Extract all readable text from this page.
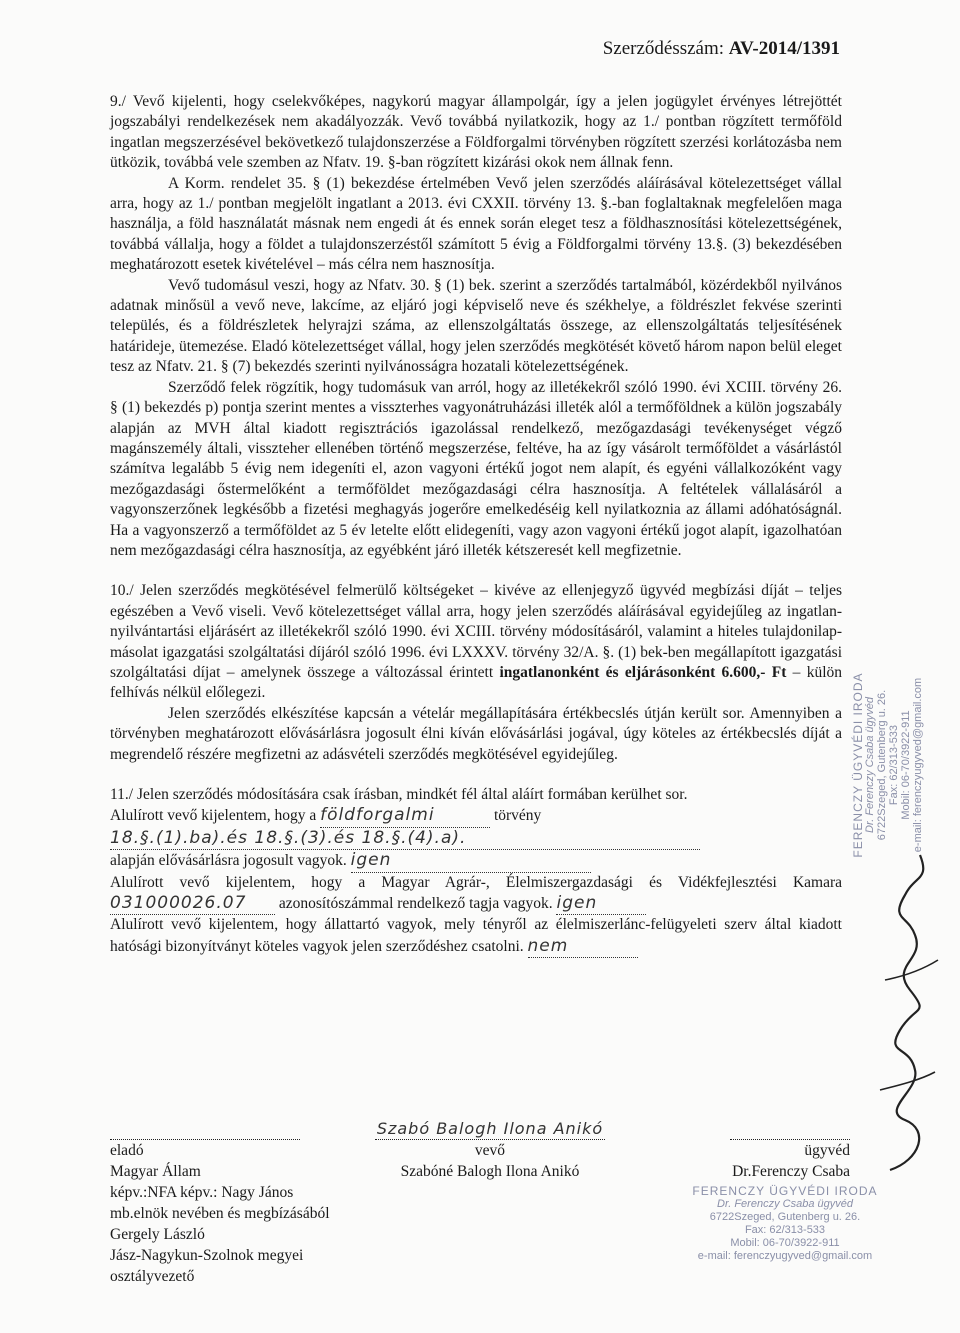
Szerződésszám: AV-2014/1391

9./ Vevő kijelenti, hogy cselekvőképes, nagykorú magyar állampolgár, így a jelen jogügylet érvényes létrejöttét jogszabályi rendelkezések nem akadályozzák. Vevő továbbá nyilatkozik, hogy az 1./ pontban rögzített termőföld ingatlan megszerzésével bekövetkező tulajdonszerzése a Földforgalmi törvényben rögzített szerzési korlátozásba nem ütközik, továbbá vele szemben az Nfatv. 19. §-ban rögzített kizárási okok nem állnak fenn.

A Korm. rendelet 35. § (1) bekezdése értelmében Vevő jelen szerződés aláírásával kötelezettséget vállal arra, hogy az 1./ pontban megjelölt ingatlant a 2013. évi CXXII. törvény 13. §.-ban foglaltaknak megfelelően maga használja, a föld használatát másnak nem engedi át és ennek során eleget tesz a földhasznosítási kötelezettségének, továbbá vállalja, hogy a földet a tulajdonszerzéstől számított 5 évig a Földforgalmi törvény 13.§. (3) bekezdésében meghatározott esetek kivételével – más célra nem hasznosítja.

Vevő tudomásul veszi, hogy az Nfatv. 30. § (1) bek. szerint a szerződés tartalmából, közérdekből nyilvános adatnak minősül a vevő neve, lakcíme, az eljáró jogi képviselő neve és székhelye, a földrészlet fekvése szerinti település, és a földrészletek helyrajzi száma, az ellenszolgáltatás összege, az ellenszolgáltatás teljesítésének határideje, ütemezése. Eladó kötelezettséget vállal, hogy jelen szerződés megkötését követő három napon belül eleget tesz az Nfatv. 21. § (7) bekezdés szerinti nyilvánosságra hozatali kötelezettségének.

Szerződő felek rögzítik, hogy tudomásuk van arról, hogy az illetékekről szóló 1990. évi XCIII. törvény 26. § (1) bekezdés p) pontja szerint mentes a visszterhes vagyonátruházási illeték alól a termőföldnek a külön jogszabály alapján az MVH által kiadott regisztrációs igazolással rendelkező, mezőgazdasági tevékenységet végző magánszemély általi, visszteher ellenében történő megszerzése, feltéve, ha az így vásárolt termőföldet a vásárlástól számítva legalább 5 évig nem idegeníti el, azon vagyoni értékű jogot nem alapít, és egyéni vállalkozóként vagy mezőgazdasági őstermelőként a termőföldet mezőgazdasági célra hasznosítja. A feltételek vállalásáról a vagyonszerzőnek legkésőbb a fizetési meghagyás jogerőre emelkedéséig kell nyilatkoznia az állami adóhatóságnál. Ha a vagyonszerző a termőföldet az 5 év letelte előtt elidegeníti, vagy azon vagyoni értékű jogot alapít, igazolhatóan nem mezőgazdasági célra hasznosítja, az egyébként járó illeték kétszeresét kell megfizetnie.

10./ Jelen szerződés megkötésével felmerülő költségeket – kivéve az ellenjegyző ügyvéd megbízási díját – teljes egészében a Vevő viseli. Vevő kötelezettséget vállal arra, hogy jelen szerződés aláírásával egyidejűleg az ingatlan-nyilvántartási eljárásért az illetékekről szóló 1990. évi XCIII. törvény módosításáról, valamint a hiteles tulajdonilap-másolat igazgatási szolgáltatási díjáról szóló 1996. évi LXXXV. törvény 32/A. §. (1) bek-ben megállapított igazgatási szolgáltatási díjat – amelynek összege a változással érintett ingatlanonként és eljárásonként 6.600,- Ft – külön felhívás nélkül előlegezi.

Jelen szerződés elkészítése kapcsán a vételár megállapítására értékbecslés útján került sor. Amennyiben a törvényben meghatározott elővásárlásra jogosult élni kíván elővásárlási jogával, úgy köteles az értékbecslés díját a megrendelő részére megfizetni az adásvételi szerződés megkötésével egyidejűleg.

11./ Jelen szerződés módosítására csak írásban, mindkét fél által aláírt formában kerülhet sor.

Alulírott vevő kijelentem, hogy a földforgalmi	törvény
18.§.(1).ba).és 18.§.(3).és 18.§.(4).a).
alapján elővásárlásra jogosult vagyok. igen

Alulírott vevő kijelentem, hogy a Magyar Agrár-, Élelmiszergazdasági és Vidékfejlesztési Kamara 031000026.07 azonosítószámmal rendelkező tagja vagyok. igen

Alulírott vevő kijelentem, hogy állattartó vagyok, mely tényről az élelmiszerlánc-felügyeleti szerv által kiadott hatósági bizonyítványt köteles vagyok jelen szerződéshez csatolni. nem

eladó

Magyar Állam

képv.:NFA képv.: Nagy János

mb.elnök nevében és megbízásából

Gergely László

Jász-Nagykun-Szolnok megyei osztályvezető

Szabó Balogh Ilona Anikó

vevő

Szabóné Balogh Ilona Anikó

ügyvéd

Dr.Ferenczy Csaba

FERENCZY ÜGYVÉDI IRODA Dr. Ferenczy Csaba ügyvéd 6722Szeged, Gutenberg u. 26. Fax: 62/313-533 Mobil: 06-70/3922-911 e-mail: ferenczyugyved@gmail.com
FERENCZY ÜGYVÉDI IRODA
Dr. Ferenczy Csaba ügyvéd
6722Szeged, Gutenberg u. 26.
Fax: 62/313-533
Mobil: 06-70/3922-911
e-mail: ferenczyugyved@gmail.com
